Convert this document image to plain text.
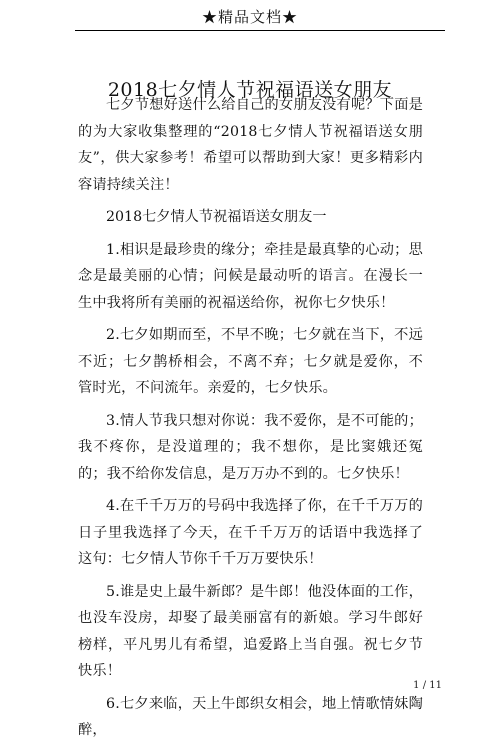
★精品文档★
2018七夕情人节祝福语送女朋友

七夕节想好送什么给自己的女朋友没有呢？下面是的为大家收集整理的“2018七夕情人节祝福语送女朋友”，供大家参考！希望可以帮助到大家！更多精彩内容请持续关注！

2018七夕情人节祝福语送女朋友一

1.相识是最珍贵的缘分；牵挂是最真挚的心动；思念是最美丽的心情；问候是最动听的语言。在漫长一生中我将所有美丽的祝福送给你，祝你七夕快乐！

2.七夕如期而至，不早不晚；七夕就在当下，不远不近；七夕鹊桥相会，不离不弃；七夕就是爱你，不管时光，不问流年。亲爱的，七夕快乐。

3.情人节我只想对你说：我不爱你，是不可能的；我不疼你，是没道理的；我不想你，是比窦娥还冤的；我不给你发信息，是万万办不到的。七夕快乐！

4.在千千万万的号码中我选择了你，在千千万万的日子里我选择了今天，在千千万万的话语中我选择了这句：七夕情人节你千千万万要快乐！

5.谁是史上最牛新郎？是牛郎！他没体面的工作，也没车没房，却娶了最美丽富有的新娘。学习牛郎好榜样，平凡男儿有希望，追爱路上当自强。祝七夕节快乐！

6.七夕来临，天上牛郎织女相会，地上情歌情妹陶醉，

1 / 11
